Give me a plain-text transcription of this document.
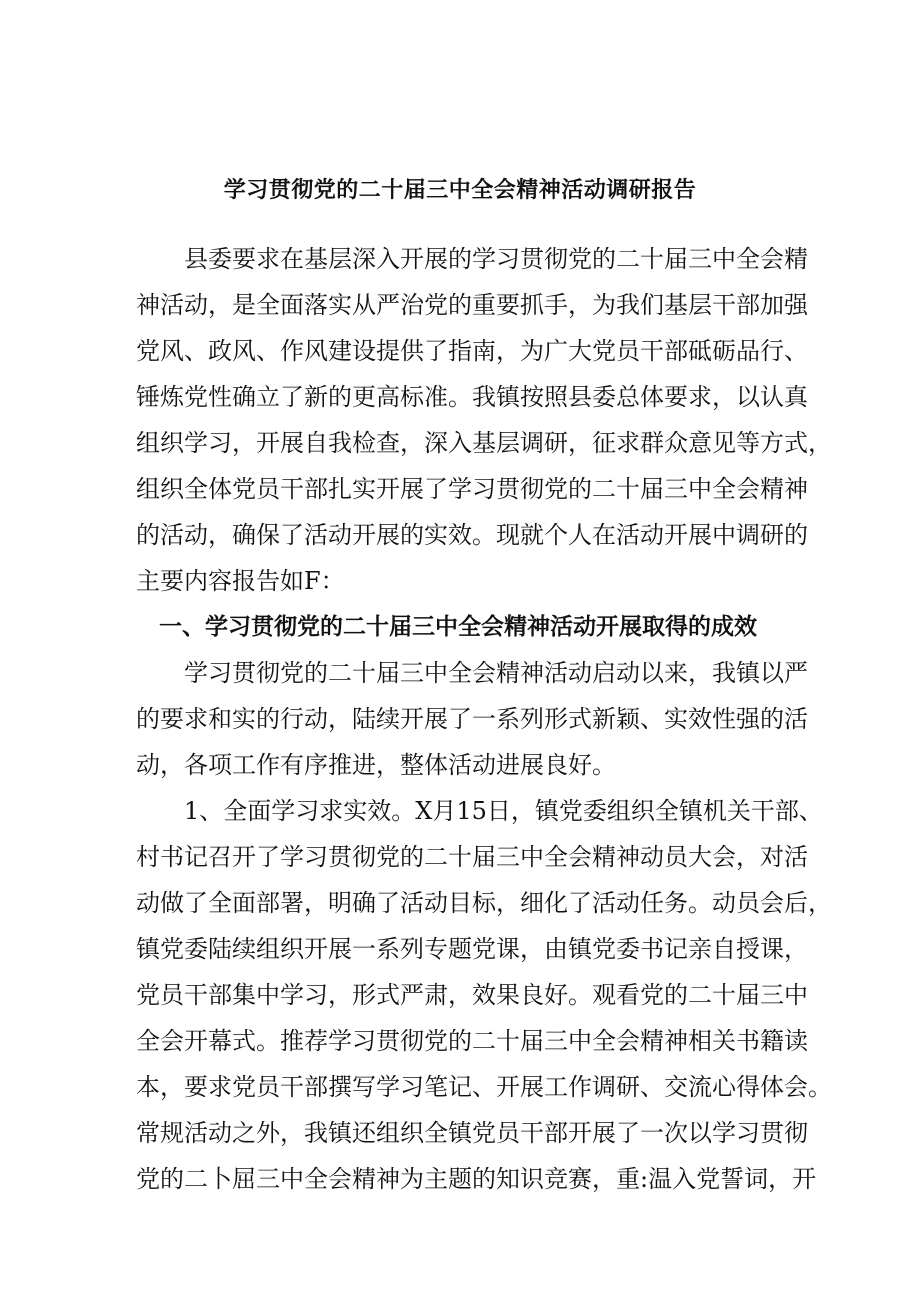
学习贯彻党的二十届三中全会精神活动调研报告
　　县委要求在基层深入开展的学习贯彻党的二十届三中全会精
神活动，是全面落实从严治党的重要抓手，为我们基层干部加强
党风、政风、作风建设提供了指南，为广大党员干部砥砺品行、
锤炼党性确立了新的更高标准。我镇按照县委总体要求，以认真
组织学习，开展自我检查，深入基层调研，征求群众意见等方式，
组织全体党员干部扎实开展了学习贯彻党的二十届三中全会精神
的活动，确保了活动开展的实效。现就个人在活动开展中调研的
主要内容报告如F：
　一、学习贯彻党的二十届三中全会精神活动开展取得的成效
　　学习贯彻党的二十届三中全会精神活动启动以来，我镇以严
的要求和实的行动，陆续开展了一系列形式新颖、实效性强的活
动，各项工作有序推进，整体活动进展良好。
　　1、全面学习求实效。X月15日，镇党委组织全镇机关干部、
村书记召开了学习贯彻党的二十届三中全会精神动员大会，对活
动做了全面部署，明确了活动目标，细化了活动任务。动员会后，
镇党委陆续组织开展一系列专题党课，由镇党委书记亲自授课，
党员干部集中学习，形式严肃，效果良好。观看党的二十届三中
全会开幕式。推荐学习贯彻党的二十届三中全会精神相关书籍读
本，要求党员干部撰写学习笔记、开展工作调研、交流心得体会。
常规活动之外，我镇还组织全镇党员干部开展了一次以学习贯彻
党的二卜屈三中全会精神为主题的知识竞赛，重:温入党誓词，开
